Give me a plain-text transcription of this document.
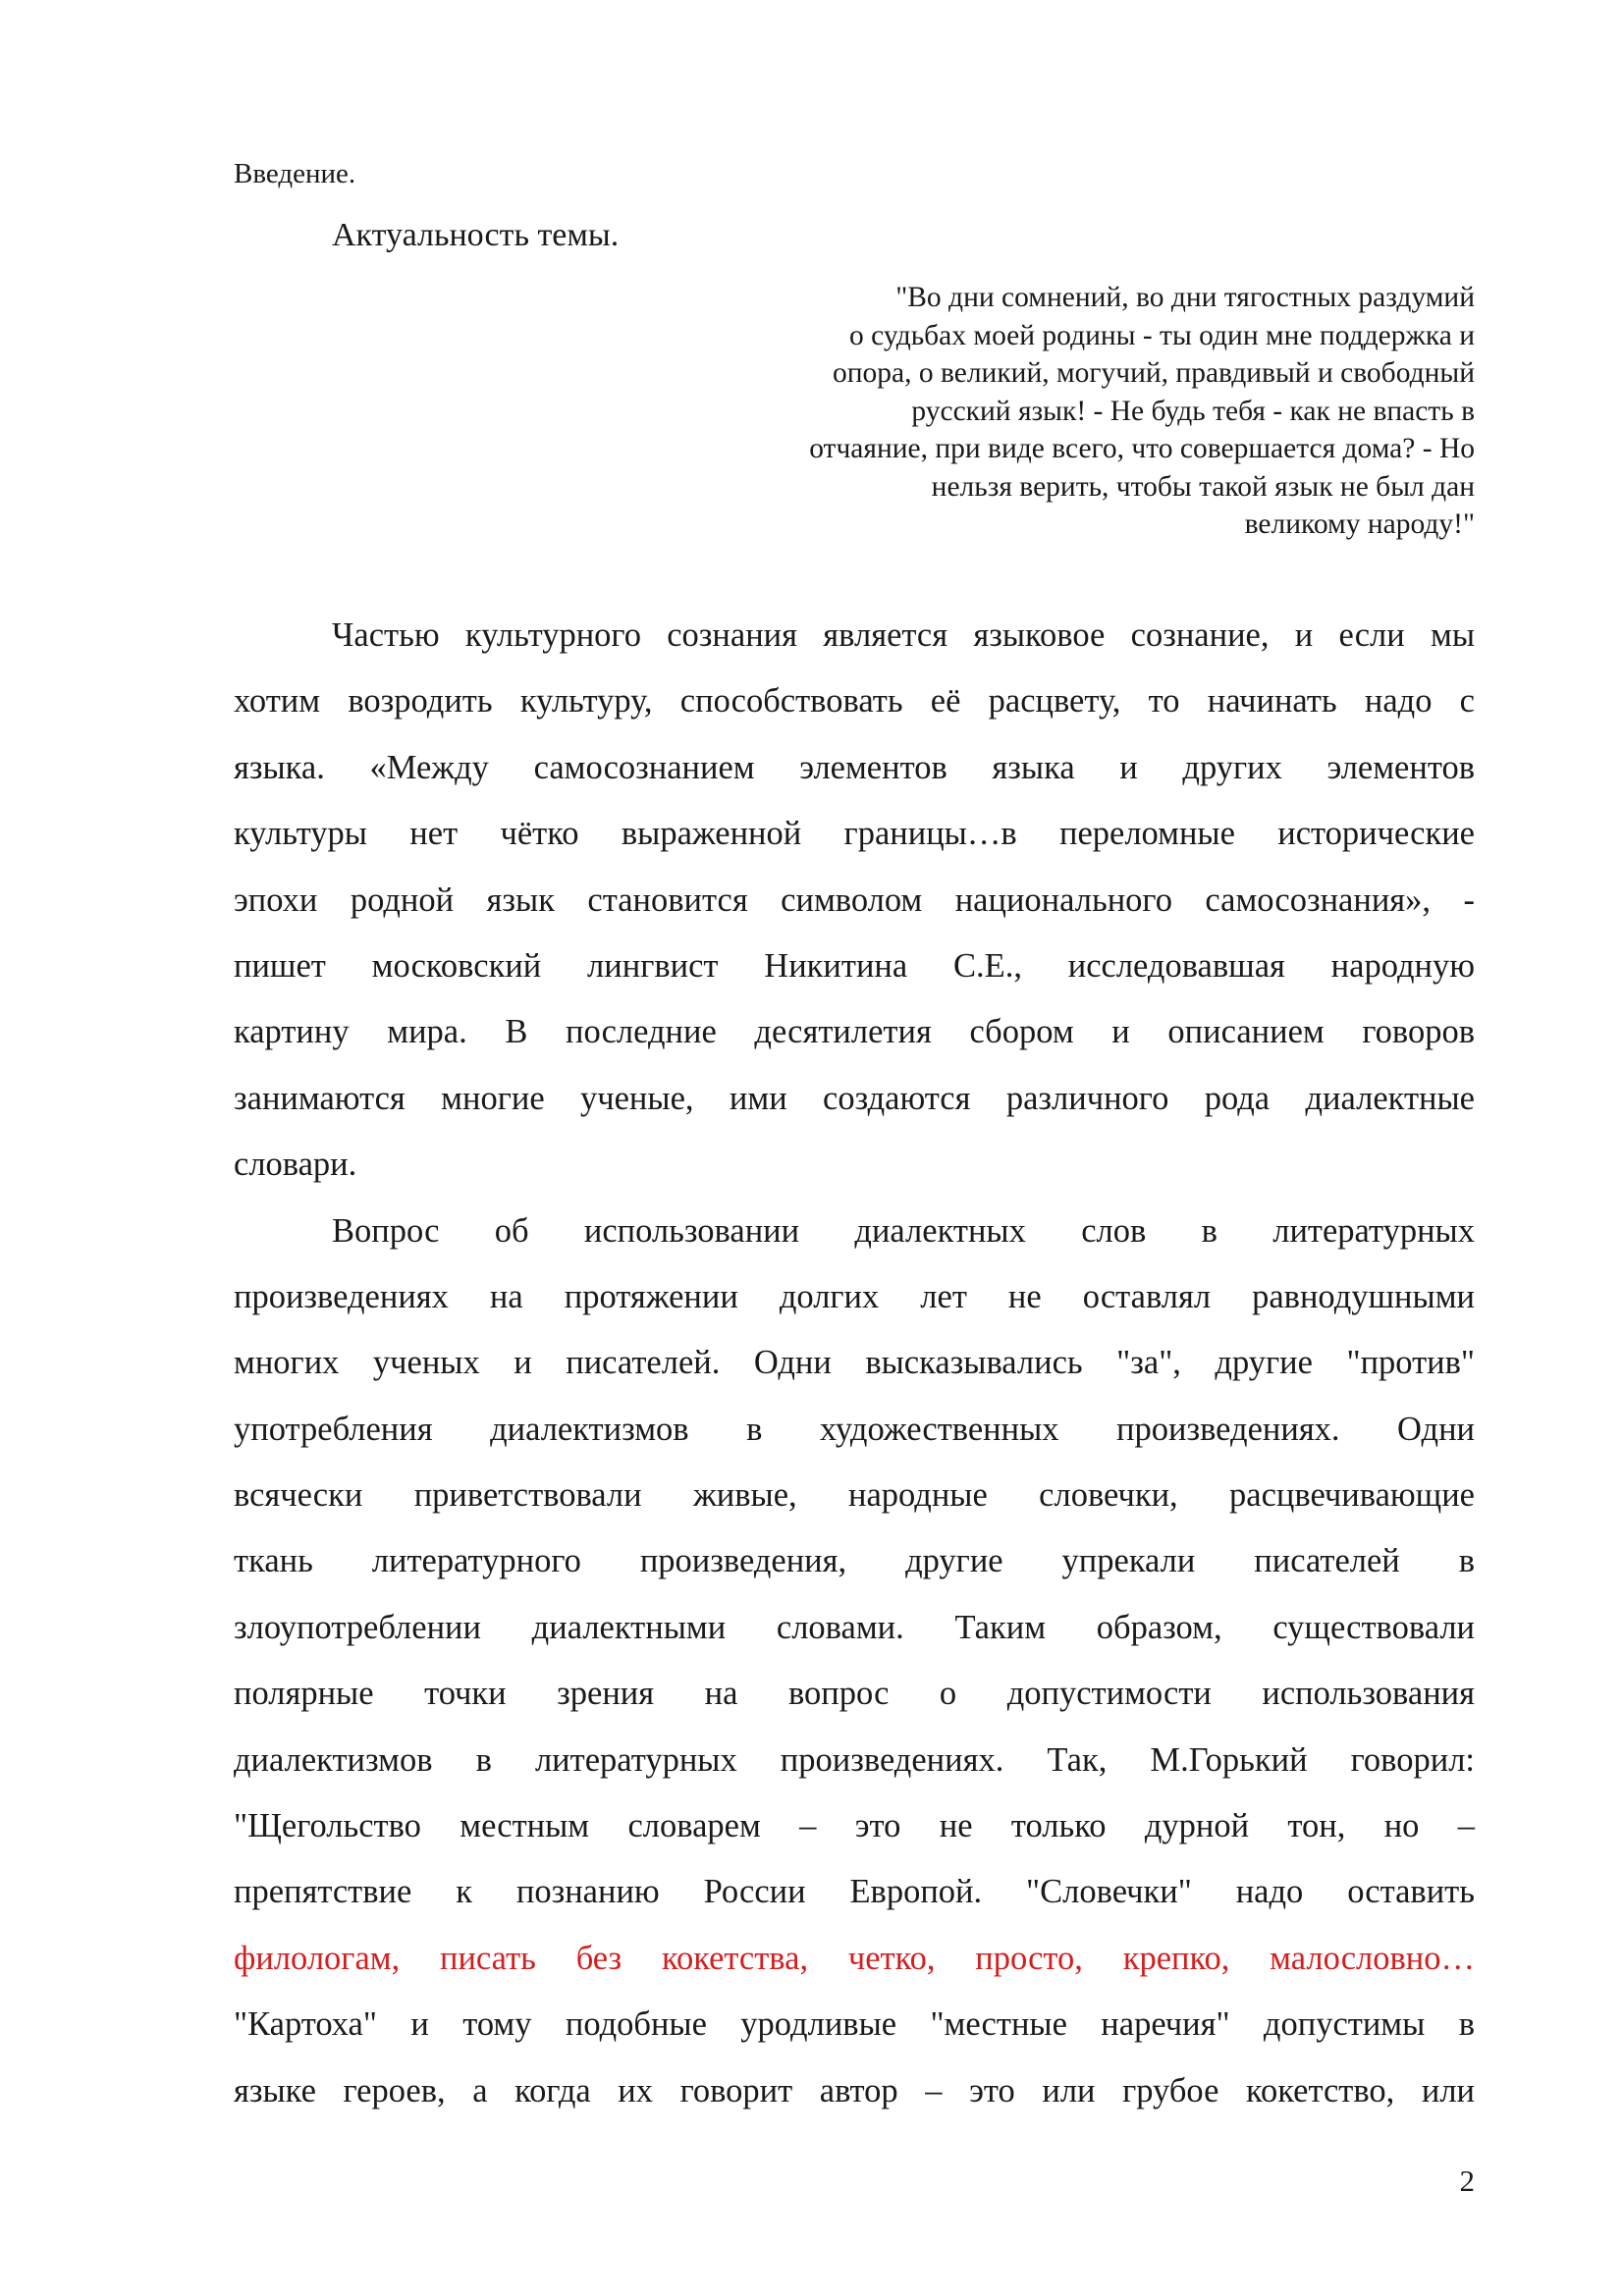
Введение.
Актуальность темы.
"Во дни сомнений, во дни тягостных раздумий
о судьбах моей родины - ты один мне поддержка и
опора, о великий, могучий, правдивый и свободный
русский язык! - Не будь тебя - как не впасть в
отчаяние, при виде всего, что совершается дома? - Но
нельзя верить, чтобы такой язык не был дан
великому народу!"
Частью культурного сознания является языковое сознание, и если мы
хотим возродить культуру, способствовать её расцвету, то начинать надо с
языка. «Между самосознанием элементов языка и других элементов
культуры нет чётко выраженной границы…в переломные исторические
эпохи родной язык становится символом национального самосознания», -
пишет московский лингвист Никитина С.Е., исследовавшая народную
картину мира. В последние десятилетия сбором и описанием говоров
занимаются многие ученые, ими создаются различного рода диалектные
словари.
Вопрос об использовании диалектных слов в литературных
произведениях на протяжении долгих лет не оставлял равнодушными
многих ученых и писателей. Одни высказывались "за", другие "против"
употребления диалектизмов в художественных произведениях. Одни
всячески приветствовали живые, народные словечки, расцвечивающие
ткань литературного произведения, другие упрекали писателей в
злоупотреблении диалектными словами. Таким образом, существовали
полярные точки зрения на вопрос о допустимости использования
диалектизмов в литературных произведениях. Так, М.Горький говорил:
"Щегольство местным словарем – это не только дурной тон, но –
препятствие к познанию России Европой. "Словечки" надо оставить
филологам, писать без кокетства, четко, просто, крепко, малословно…
"Картоха" и тому подобные уродливые "местные наречия" допустимы в
языке героев, а когда их говорит автор – это или грубое кокетство, или
2
